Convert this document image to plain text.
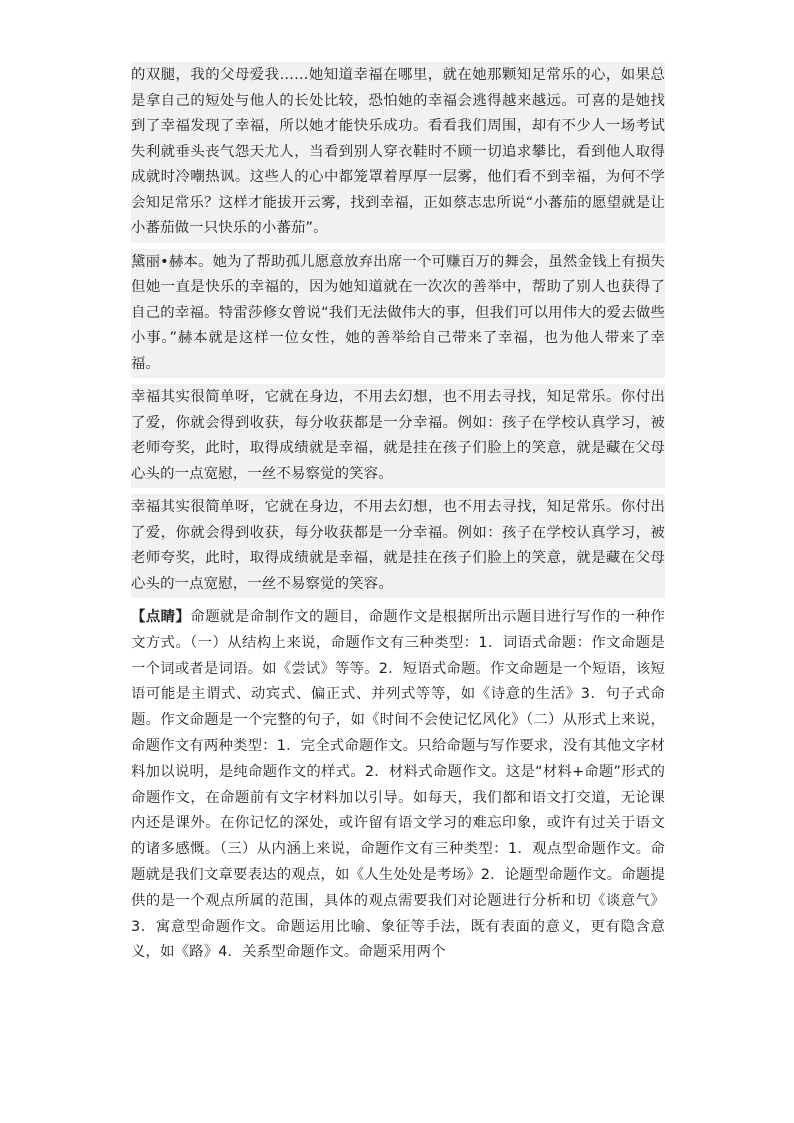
的双腿，我的父母爱我……她知道幸福在哪里，就在她那颗知足常乐的心，如果总是拿自己的短处与他人的长处比较，恐怕她的幸福会逃得越来越远。可喜的是她找到了幸福发现了幸福，所以她才能快乐成功。看看我们周围，却有不少人一场考试失利就垂头丧气怨天尤人，当看到别人穿衣鞋时不顾一切追求攀比，看到他人取得成就时冷嘲热讽。这些人的心中都笼罩着厚厚一层雾，他们看不到幸福，为何不学会知足常乐？这样才能拔开云雾，找到幸福，正如蔡志忠所说“小蕃茄的愿望就是让小蕃茄做一只快乐的小蕃茄”。

黛丽•赫本。她为了帮助孤儿愿意放弃出席一个可赚百万的舞会，虽然金钱上有损失但她一直是快乐的幸福的，因为她知道就在一次次的善举中，帮助了别人也获得了自己的幸福。特雷莎修女曾说“我们无法做伟大的事，但我们可以用伟大的爱去做些小事。”赫本就是这样一位女性，她的善举给自己带来了幸福，也为他人带来了幸福。

幸福其实很简单呀，它就在身边，不用去幻想，也不用去寻找，知足常乐。你付出了爱，你就会得到收获，每分收获都是一分幸福。例如：孩子在学校认真学习，被老师夸奖，此时，取得成绩就是幸福，就是挂在孩子们脸上的笑意，就是藏在父母心头的一点宽慰，一丝不易察觉的笑容。

幸福其实很简单呀，它就在身边，不用去幻想，也不用去寻找，知足常乐。你付出了爱，你就会得到收获，每分收获都是一分幸福。例如：孩子在学校认真学习，被老师夸奖，此时，取得成绩就是幸福，就是挂在孩子们脸上的笑意，就是藏在父母心头的一点宽慰，一丝不易察觉的笑容。

【点睛】命题就是命制作文的题目，命题作文是根据所出示题目进行写作的一种作文方式。（一）从结构上来说，命题作文有三种类型：1．词语式命题：作文命题是一个词或者是词语。如《尝试》等等。2．短语式命题。作文命题是一个短语，该短语可能是主谓式、动宾式、偏正式、并列式等等，如《诗意的生活》3．句子式命题。作文命题是一个完整的句子，如《时间不会使记忆风化》（二）从形式上来说，命题作文有两种类型：1．完全式命题作文。只给命题与写作要求，没有其他文字材料加以说明，是纯命题作文的样式。2．材料式命题作文。这是“材料+命题”形式的命题作文，在命题前有文字材料加以引导。如每天，我们都和语文打交道，无论课内还是课外。在你记忆的深处，或许留有语文学习的难忘印象，或许有过关于语文的诸多感慨。（三）从内涵上来说，命题作文有三种类型：1．观点型命题作文。命题就是我们文章要表达的观点，如《人生处处是考场》2．论题型命题作文。命题提供的是一个观点所属的范围，具体的观点需要我们对论题进行分析和切《谈意气》3．寓意型命题作文。命题运用比喻、象征等手法，既有表面的意义，更有隐含意义，如《路》4．关系型命题作文。命题采用两个
